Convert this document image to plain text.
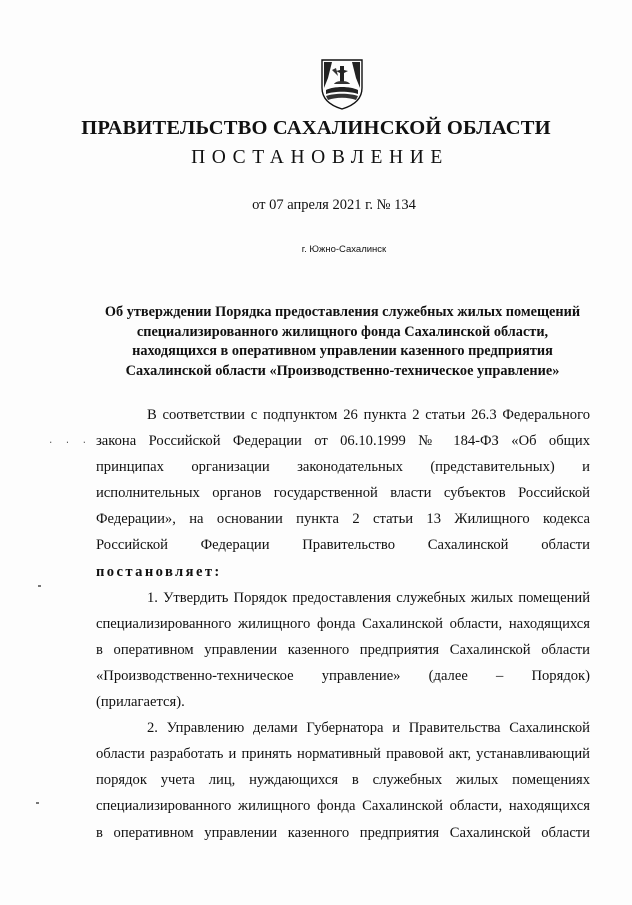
ПРАВИТЕЛЬСТВО САХАЛИНСКОЙ ОБЛАСТИ
ПОСТАНОВЛЕНИЕ
от 07 апреля 2021 г. № 134
г. Южно-Сахалинск
Об утверждении Порядка предоставления служебных жилых помещений
специализированного жилищного фонда Сахалинской области,
находящихся в оперативном управлении казенного предприятия
Сахалинской области «Производственно-техническое управление»
· · · ·
В соответствии с подпунктом 26 пункта 2 статьи 26.3 Федерального
закона Российской Федерации от 06.10.1999 № 184-ФЗ «Об общих
принципах организации законодательных (представительных) и
исполнительных органов государственной власти субъектов Российской
Федерации», на основании пункта 2 статьи 13 Жилищного кодекса
Российской Федерации Правительство Сахалинской области
постановляет:
1. Утвердить Порядок предоставления служебных жилых помещений
специализированного жилищного фонда Сахалинской области, находящихся
в оперативном управлении казенного предприятия Сахалинской области
«Производственно-техническое управление» (далее – Порядок)
(прилагается).
2. Управлению делами Губернатора и Правительства Сахалинской
области разработать и принять нормативный правовой акт, устанавливающий
порядок учета лиц, нуждающихся в служебных жилых помещениях
специализированного жилищного фонда Сахалинской области, находящихся
в оперативном управлении казенного предприятия Сахалинской области
